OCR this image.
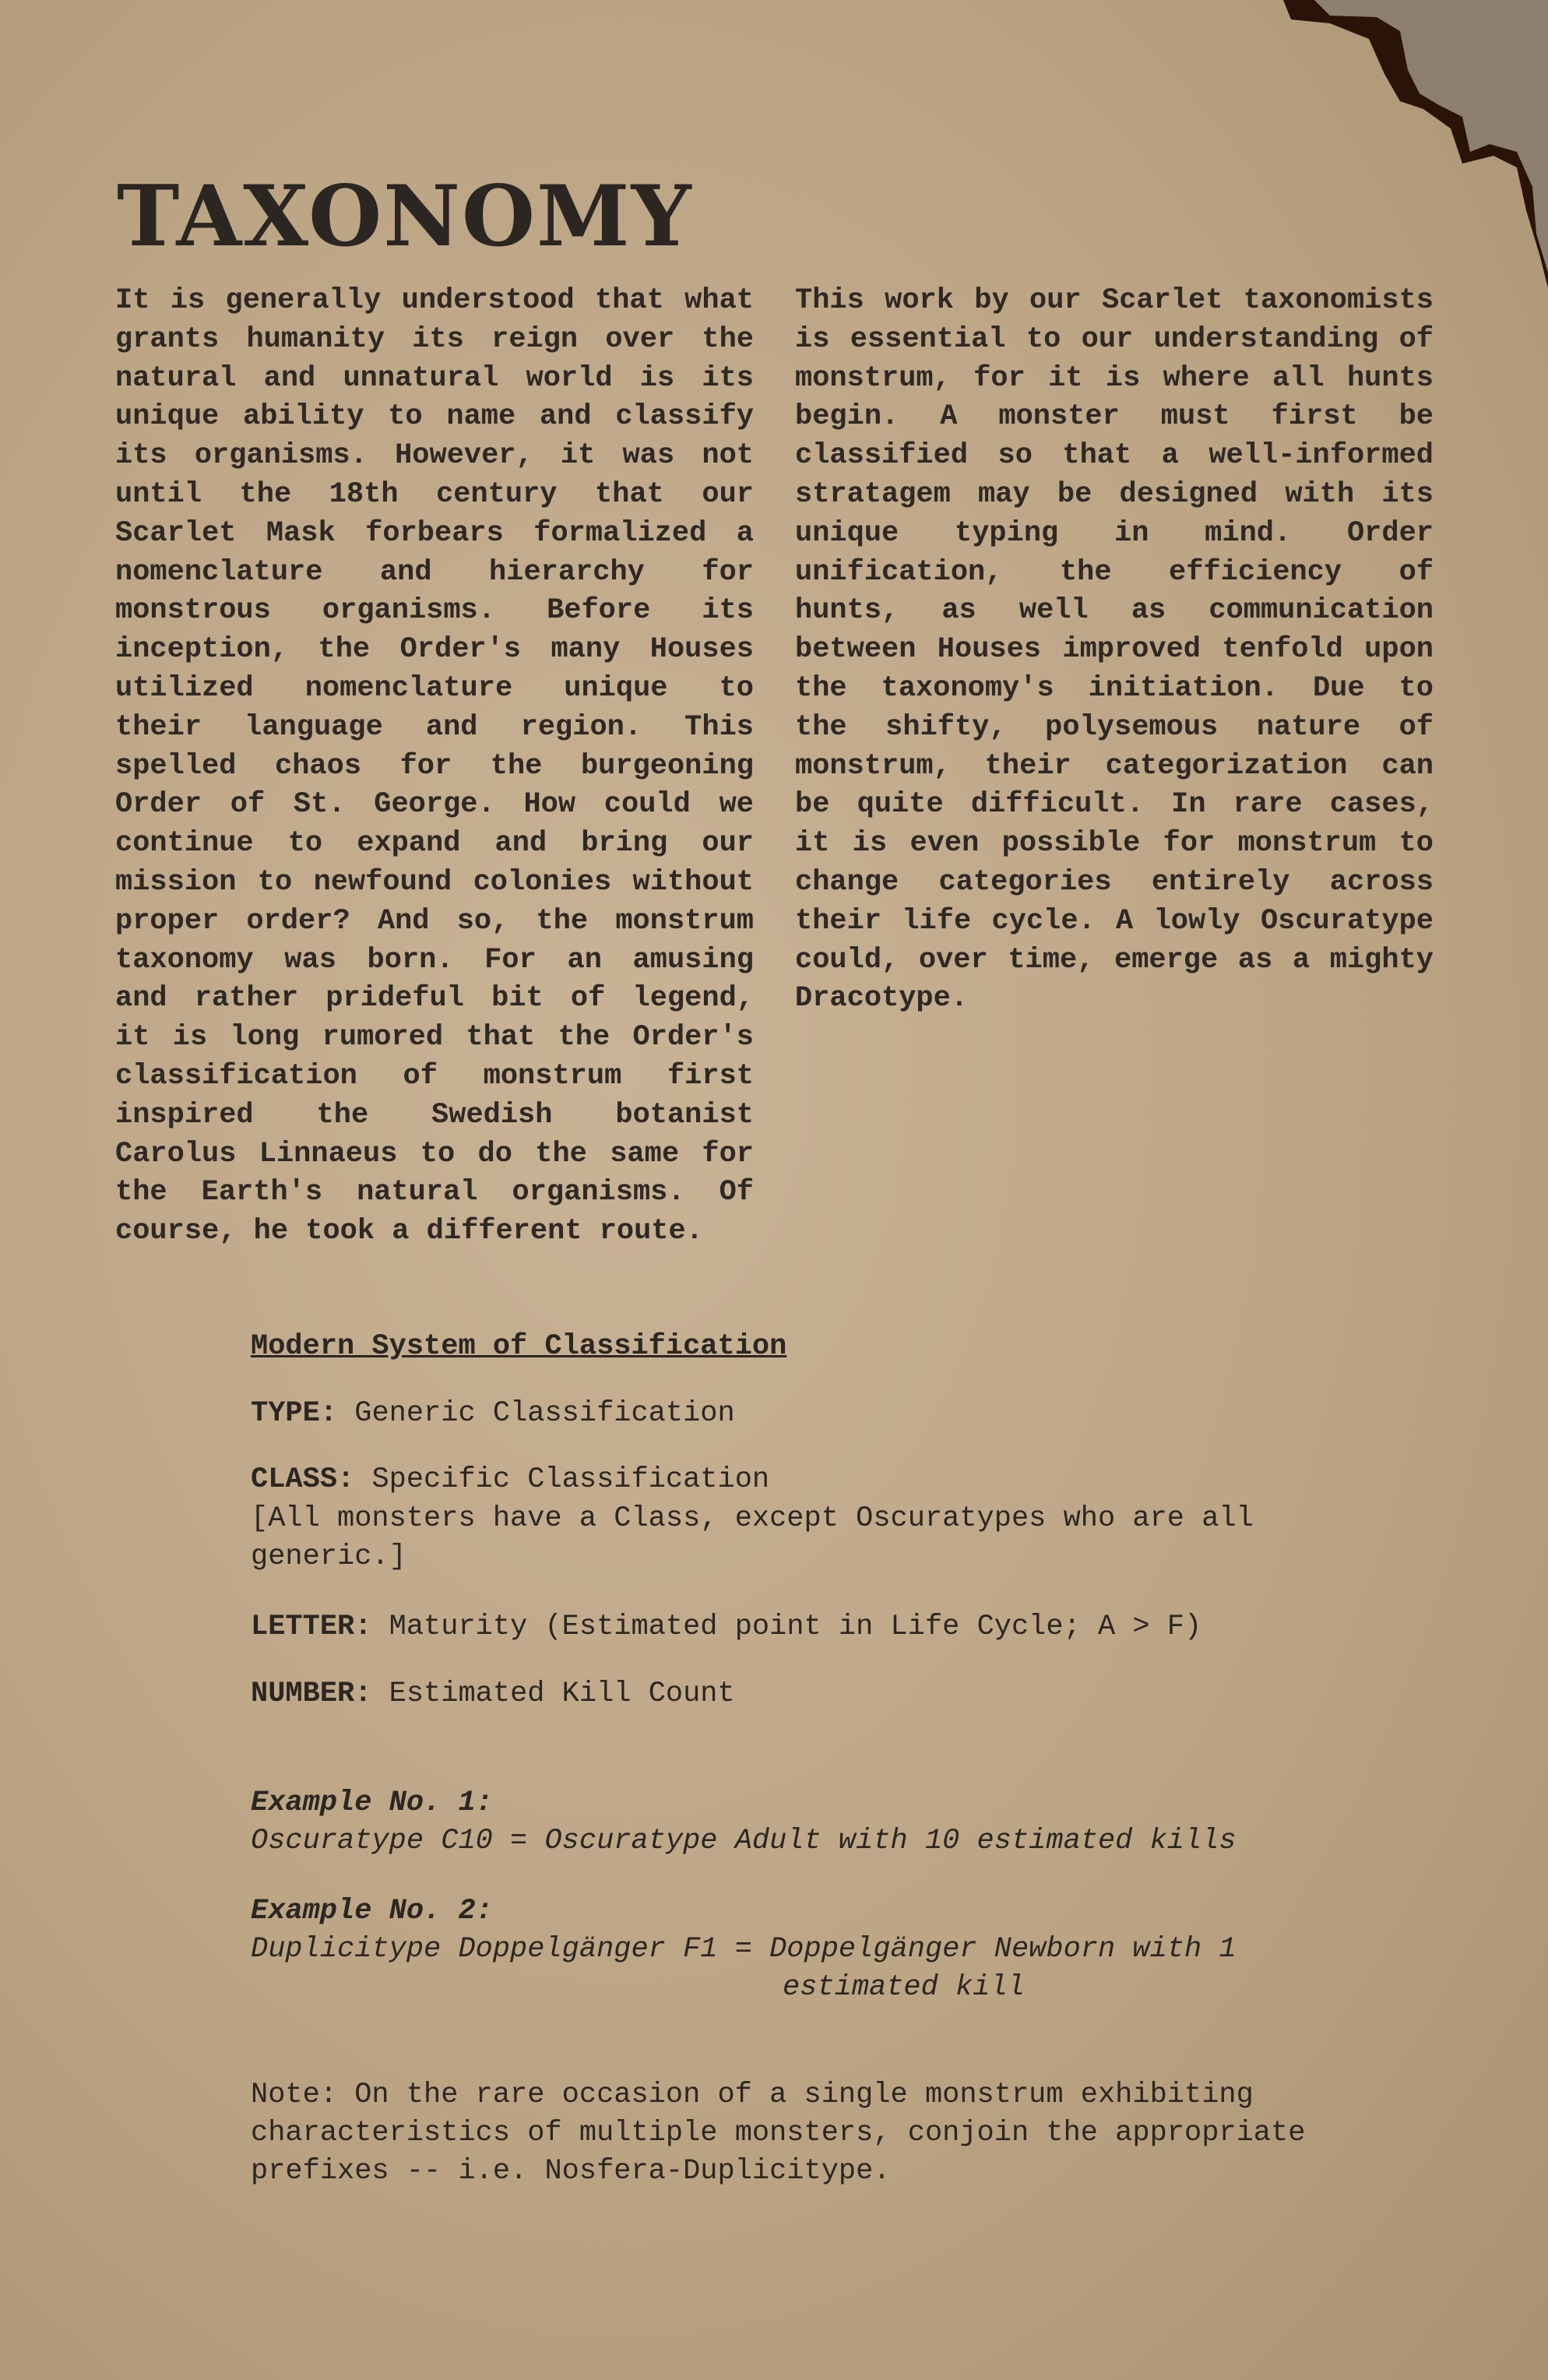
TAXONOMY
It is generally understood that what grants humanity its reign over the natural and unnatural world is its unique ability to name and classify its organisms. However, it was not until the 18th century that our Scarlet Mask forbears formalized a nomenclature and hierarchy for monstrous organisms. Before its inception, the Order's many Houses utilized nomenclature unique to their language and region. This spelled chaos for the burgeoning Order of St. George. How could we continue to expand and bring our mission to newfound colonies without proper order? And so, the monstrum taxonomy was born. For an amusing and rather prideful bit of legend, it is long rumored that the Order's classification of monstrum first inspired the Swedish botanist Carolus Linnaeus to do the same for the Earth's natural organisms. Of course, he took a different route.
This work by our Scarlet taxonomists is essential to our understanding of monstrum, for it is where all hunts begin. A monster must first be classified so that a well-informed stratagem may be designed with its unique typing in mind. Order unification, the efficiency of hunts, as well as communication between Houses improved tenfold upon the taxonomy's initiation. Due to the shifty, polysemous nature of monstrum, their categorization can be quite difficult. In rare cases, it is even possible for monstrum to change categories entirely across their life cycle. A lowly Oscuratype could, over time, emerge as a mighty Dracotype.
Modern System of Classification
TYPE: Generic Classification
CLASS: Specific Classification
[All monsters have a Class, except Oscuratypes who are all
generic.]
LETTER: Maturity (Estimated point in Life Cycle; A > F)
NUMBER: Estimated Kill Count
Example No. 1:
Oscuratype C10 = Oscuratype Adult with 10 estimated kills
Example No. 2:
Duplicitype Doppelgänger F1 = Doppelgänger Newborn with 1
estimated kill
Note: On the rare occasion of a single monstrum exhibiting
characteristics of multiple monsters, conjoin the appropriate
prefixes -- i.e. Nosfera-Duplicitype.
